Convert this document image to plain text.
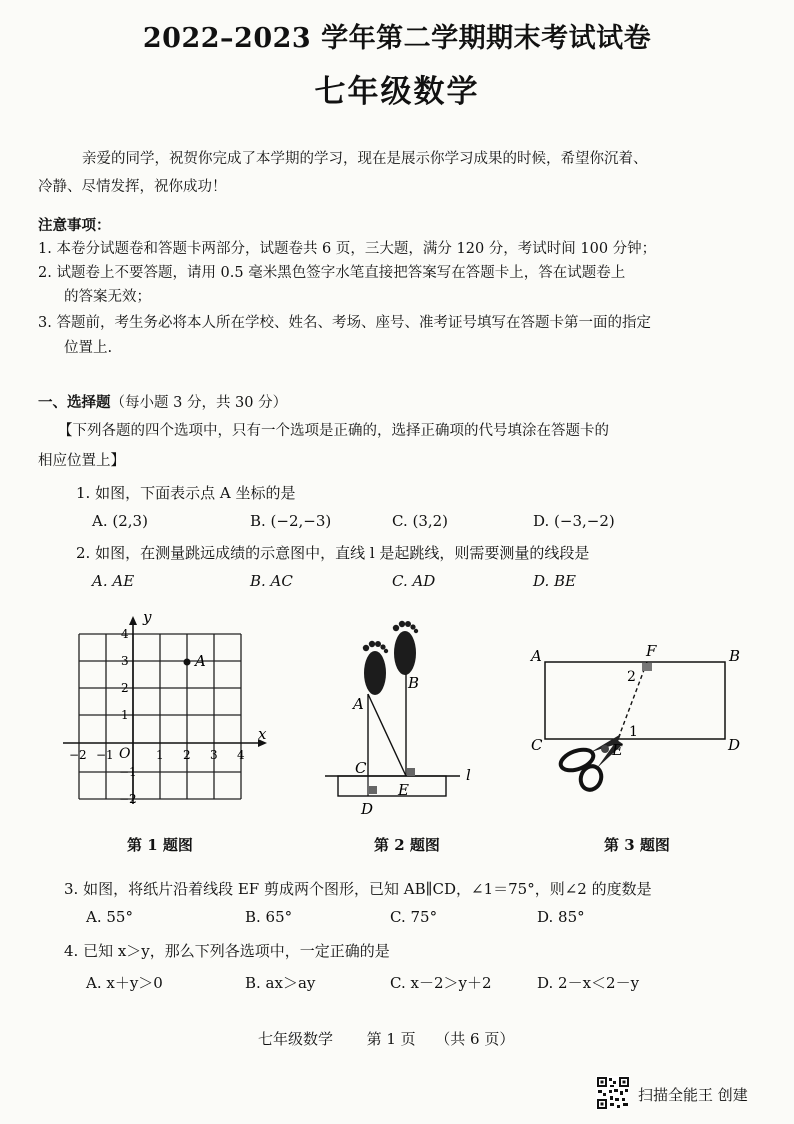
2022–2023 学年第二学期期末考试试卷
七年级数学
亲爱的同学，祝贺你完成了本学期的学习，现在是展示你学习成果的时候，希望你沉着、
冷静、尽情发挥，祝你成功！
注意事项：
1. 本卷分试题卷和答题卡两部分，试题卷共 6 页，三大题，满分 120 分，考试时间 100 分钟；
2. 试题卷上不要答题，请用 0.5 毫米黑色签字水笔直接把答案写在答题卡上，答在试题卷上
的答案无效；
3. 答题前，考生务必将本人所在学校、姓名、考场、座号、准考证号填写在答题卡第一面的指定
位置上.
一、选择题（每小题 3 分，共 30 分）
【下列各题的四个选项中，只有一个选项是正确的，选择正确项的代号填涂在答题卡的
相应位置上】
1. 如图，下面表示点 A 坐标的是
A. (2,3)	B. (−2,−3)	C. (3,2)	D. (−3,−2)
2. 如图，在测量跳远成绩的示意图中，直线 l 是起跳线，则需要测量的线段是
A. AE	B. AC	C. AD	D. BE
y
x
O
−2 −1	1 2 3 4
4
3
2
1
−1
−2
A
第 1 题图
A
B
C
D
E
l
第 2 题图
A	B
C	D
E
F
1
2
第 3 题图
3. 如图，将纸片沿着线段 EF 剪成两个图形，已知 AB∥CD，∠1＝75°，则∠2 的度数是
A. 55°	B. 65°	C. 75°	D. 85°
4. 已知 x＞y，那么下列各选项中，一定正确的是
A. x＋y＞0	B. ax＞ay	C. x－2＞y＋2	D. 2－x＜2－y
七年级数学 第 1 页 （共 6 页）
扫描全能王 创建
